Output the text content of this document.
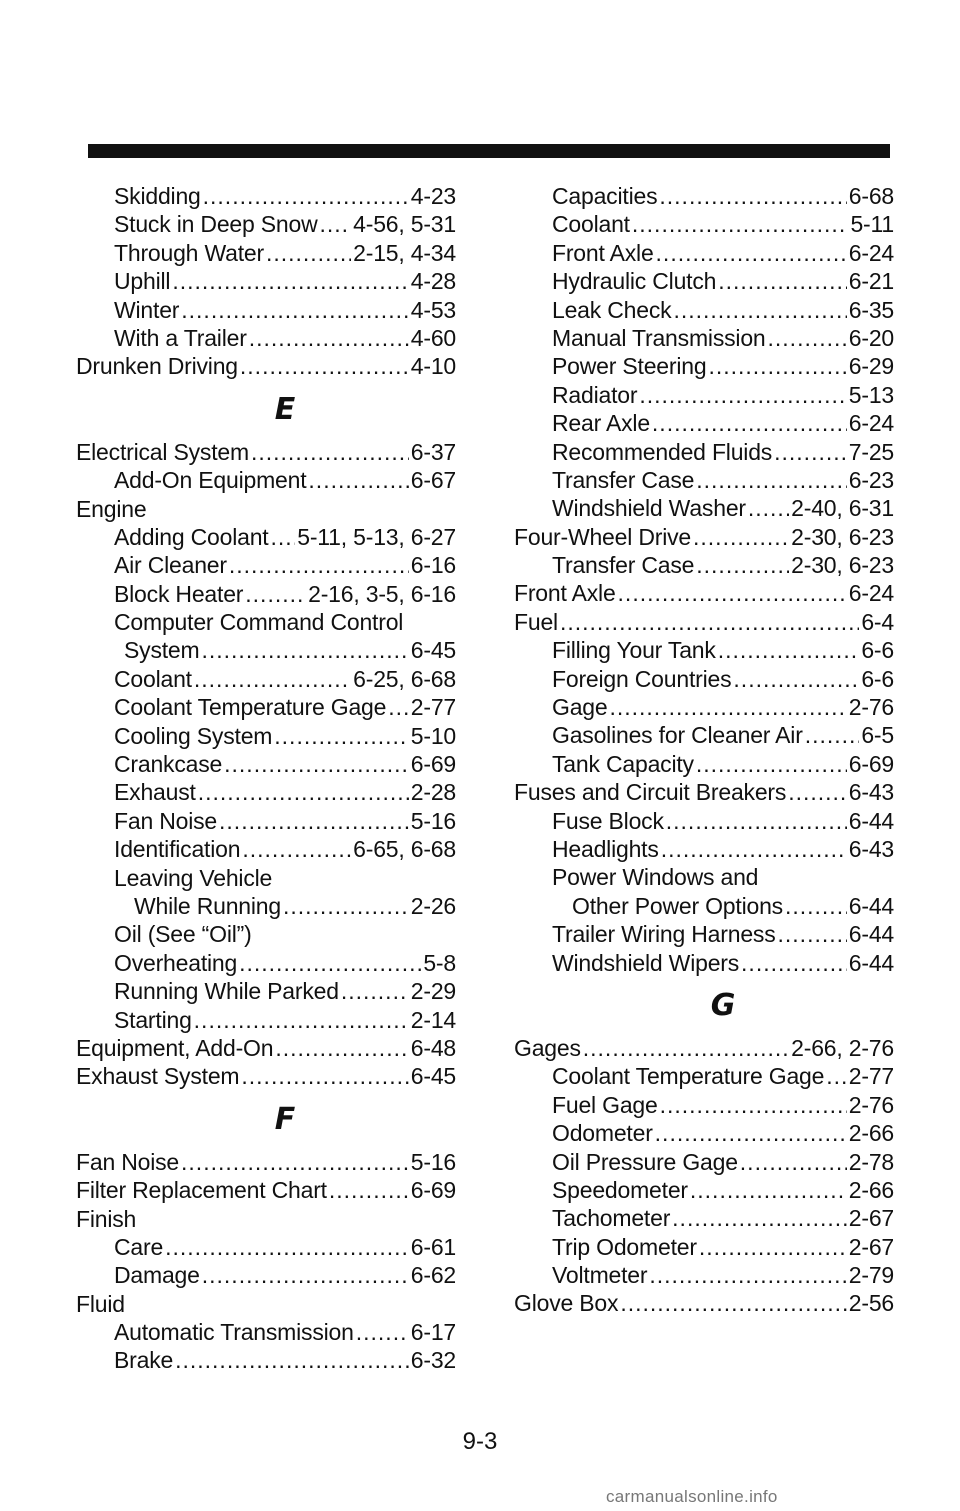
Skidding .....	4-23
Stuck in Deep Snow ..... 4-56, 5-31
Through Water .....	2-15, 4-34
Uphill .....	4-28
Winter .....	4-53
With a Trailer .....	4-60
Drunken Driving .....	4-10
E
Electrical System .....	6-37
Add-On Equipment .....	6-67
Engine
Adding Coolant ..... 5-11, 5-13, 6-27
Air Cleaner .....	6-16
Block Heater .....	2-16, 3-5, 6-16
Computer Command Control
System .....	6-45
Coolant .....	6-25, 6-68
Coolant Temperature Gage ..... 2-77
Cooling System .....	5-10
Crankcase .....	6-69
Exhaust .....	2-28
Fan Noise .....	5-16
Identification .....	6-65, 6-68
Leaving Vehicle
While Running .....	2-26
Oil (See “Oil”)
Overheating .....	5-8
Running While Parked .....	2-29
Starting .....	2-14
Equipment, Add-On .....	6-48
Exhaust System .....	6-45
F
Fan Noise .....	5-16
Filter Replacement Chart .....	6-69
Finish
Care .....	6-61
Damage .....	6-62
Fluid
Automatic Transmission ..... 6-17
Brake .....	6-32
Capacities .....	6-68
Coolant .....	5-11
Front Axle .....	6-24
Hydraulic Clutch .....	6-21
Leak Check .....	6-35
Manual Transmission .....	6-20
Power Steering .....	6-29
Radiator .....	5-13
Rear Axle .....	6-24
Recommended Fluids .....	7-25
Transfer Case .....	6-23
Windshield Washer ..... 2-40, 6-31
Four-Wheel Drive .....	2-30, 6-23
Transfer Case .....	2-30, 6-23
Front Axle .....	6-24
Fuel .....	6-4
Filling Your Tank .....	6-6
Foreign Countries .....	6-6
Gage .....	2-76
Gasolines for Cleaner Air .....	6-5
Tank Capacity .....	6-69
Fuses and Circuit Breakers .....	6-43
Fuse Block .....	6-44
Headlights .....	6-43
Power Windows and
Other Power Options .....	6-44
Trailer Wiring Harness .....	6-44
Windshield Wipers .....	6-44
G
Gages .....	2-66, 2-76
Coolant Temperature Gage ..... 2-77
Fuel Gage .....	2-76
Odometer .....	2-66
Oil Pressure Gage .....	2-78
Speedometer .....	2-66
Tachometer .....	2-67
Trip Odometer .....	2-67
Voltmeter .....	2-79
Glove Box .....	2-56
9-3
carmanualsonline.info
